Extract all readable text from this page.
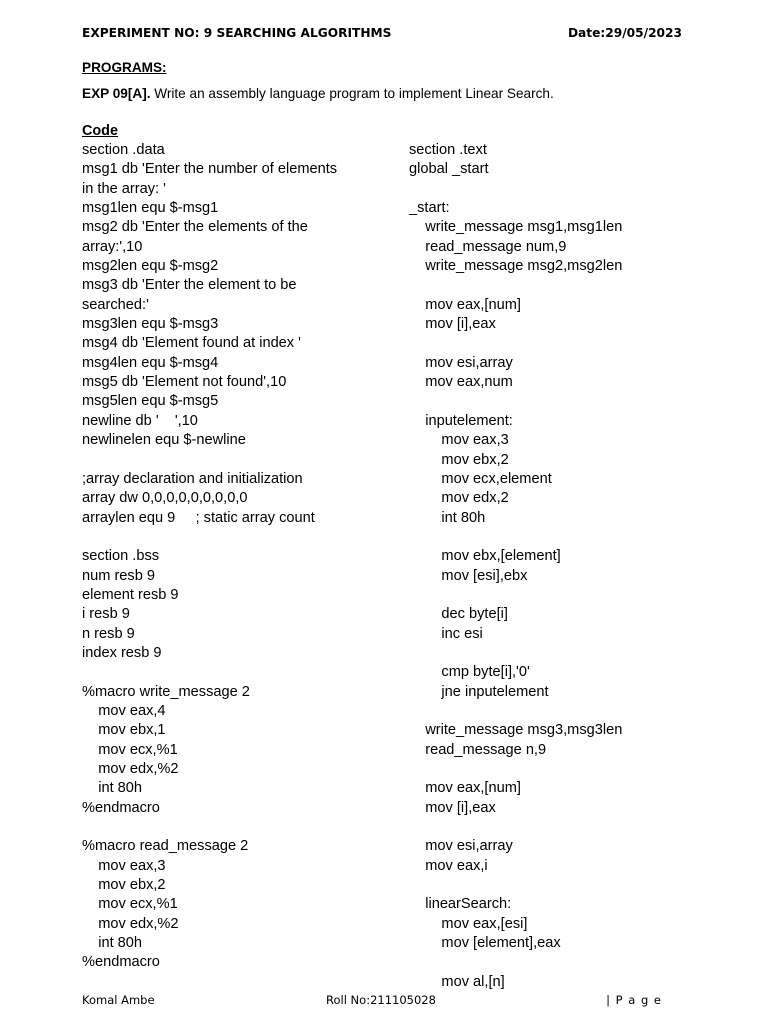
EXPERIMENT NO: 9 SEARCHING ALGORITHMS	Date:29/05/2023
PROGRAMS:
EXP 09[A]. Write an assembly language program to implement Linear Search.
Code
section .data
msg1 db 'Enter the number of elements
in the array: '
msg1len equ $-msg1
msg2 db 'Enter the elements of the
array:',10
msg2len equ $-msg2
msg3 db 'Enter the element to be
searched:'
msg3len equ $-msg3
msg4 db 'Element found at index '
msg4len equ $-msg4
msg5 db 'Element not found',10
msg5len equ $-msg5
newline db '    ',10
newlinelen equ $-newline
;array declaration and initialization
array dw 0,0,0,0,0,0,0,0,0
arraylen equ 9     ; static array count
section .bss
num resb 9
element resb 9
i resb 9
n resb 9
index resb 9
%macro write_message 2
mov eax,4
mov ebx,1
mov ecx,%1
mov edx,%2
int 80h
%endmacro
%macro read_message 2
mov eax,3
mov ebx,2
mov ecx,%1
mov edx,%2
int 80h
%endmacro
section .text
global _start
_start:
write_message msg1,msg1len
read_message num,9
write_message msg2,msg2len
mov eax,[num]
mov [i],eax
mov esi,array
mov eax,num
inputelement:
mov eax,3
mov ebx,2
mov ecx,element
mov edx,2
int 80h
mov ebx,[element]
mov [esi],ebx
dec byte[i]
inc esi
cmp byte[i],'0'
jne inputelement
write_message msg3,msg3len
read_message n,9
mov eax,[num]
mov [i],eax
mov esi,array
mov eax,i
linearSearch:
mov eax,[esi]
mov [element],eax
mov al,[n]
Komal Ambe	Roll No:211105028	| P a g e
